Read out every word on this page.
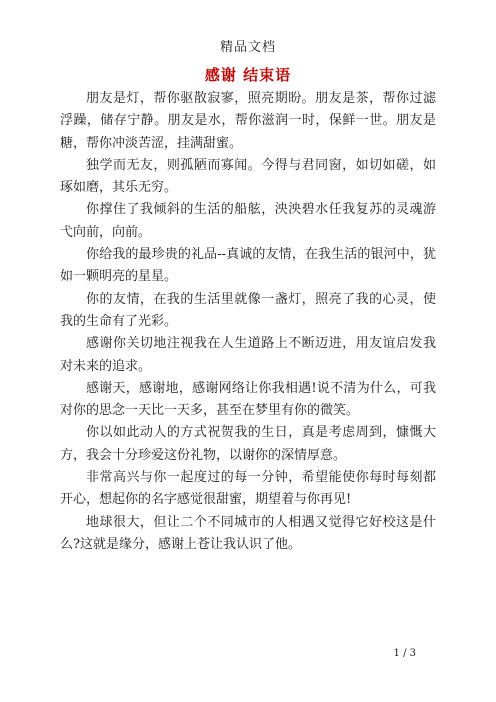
精品文档
感谢 结束语

朋友是灯，帮你驱散寂寥，照亮期盼。朋友是茶，帮你过滤浮躁，储存宁静。朋友是水，帮你滋润一时，保鲜一世。朋友是糖，帮你冲淡苦涩，挂满甜蜜。

独学而无友，则孤陋而寡闻。今得与君同窗，如切如磋，如琢如磨，其乐无穷。

你撑住了我倾斜的生活的船舷，泱泱碧水任我复苏的灵魂游弋向前，向前。

你给我的最珍贵的礼品--真诚的友情，在我生活的银河中，犹如一颗明亮的星星。

你的友情，在我的生活里就像一盏灯，照亮了我的心灵，使我的生命有了光彩。

感谢你关切地注视我在人生道路上不断迈进，用友谊启发我对未来的追求。

感谢天，感谢地，感谢网络让你我相遇!说不清为什么，可我对你的思念一天比一天多，甚至在梦里有你的微笑。

你以如此动人的方式祝贺我的生日，真是考虑周到，慷慨大方，我会十分珍爱这份礼物，以谢你的深情厚意。

非常高兴与你一起度过的每一分钟，希望能使你每时每刻都开心，想起你的名字感觉很甜蜜，期望着与你再见!

地球很大，但让二个不同城市的人相遇又觉得它好校这是什么?这就是缘分，感谢上苍让我认识了他。

1 / 3
